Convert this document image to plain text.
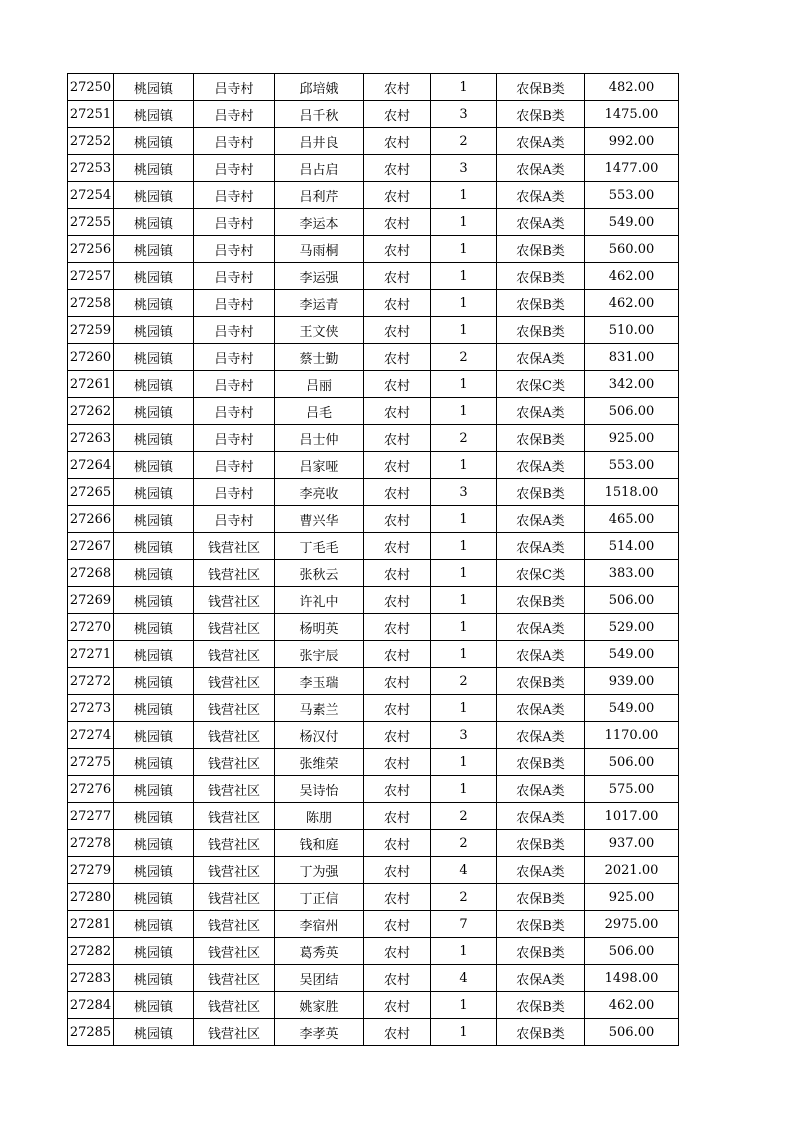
27250	桃园镇	吕寺村	邱培娥	农村	1	农保B类	482.00
27251	桃园镇	吕寺村	吕千秋	农村	3	农保B类	1475.00
27252	桃园镇	吕寺村	吕井良	农村	2	农保A类	992.00
27253	桃园镇	吕寺村	吕占启	农村	3	农保A类	1477.00
27254	桃园镇	吕寺村	吕利芹	农村	1	农保A类	553.00
27255	桃园镇	吕寺村	李运本	农村	1	农保A类	549.00
27256	桃园镇	吕寺村	马雨桐	农村	1	农保B类	560.00
27257	桃园镇	吕寺村	李运强	农村	1	农保B类	462.00
27258	桃园镇	吕寺村	李运青	农村	1	农保B类	462.00
27259	桃园镇	吕寺村	王文侠	农村	1	农保B类	510.00
27260	桃园镇	吕寺村	蔡士勤	农村	2	农保A类	831.00
27261	桃园镇	吕寺村	吕丽	农村	1	农保C类	342.00
27262	桃园镇	吕寺村	吕毛	农村	1	农保A类	506.00
27263	桃园镇	吕寺村	吕士仲	农村	2	农保B类	925.00
27264	桃园镇	吕寺村	吕家哑	农村	1	农保A类	553.00
27265	桃园镇	吕寺村	李亮收	农村	3	农保B类	1518.00
27266	桃园镇	吕寺村	曹兴华	农村	1	农保A类	465.00
27267	桃园镇	钱营社区	丁毛毛	农村	1	农保A类	514.00
27268	桃园镇	钱营社区	张秋云	农村	1	农保C类	383.00
27269	桃园镇	钱营社区	许礼中	农村	1	农保B类	506.00
27270	桃园镇	钱营社区	杨明英	农村	1	农保A类	529.00
27271	桃园镇	钱营社区	张宇辰	农村	1	农保A类	549.00
27272	桃园镇	钱营社区	李玉瑞	农村	2	农保B类	939.00
27273	桃园镇	钱营社区	马素兰	农村	1	农保A类	549.00
27274	桃园镇	钱营社区	杨汉付	农村	3	农保A类	1170.00
27275	桃园镇	钱营社区	张维荣	农村	1	农保B类	506.00
27276	桃园镇	钱营社区	吴诗怡	农村	1	农保A类	575.00
27277	桃园镇	钱营社区	陈朋	农村	2	农保A类	1017.00
27278	桃园镇	钱营社区	钱和庭	农村	2	农保B类	937.00
27279	桃园镇	钱营社区	丁为强	农村	4	农保A类	2021.00
27280	桃园镇	钱营社区	丁正信	农村	2	农保B类	925.00
27281	桃园镇	钱营社区	李宿州	农村	7	农保B类	2975.00
27282	桃园镇	钱营社区	葛秀英	农村	1	农保B类	506.00
27283	桃园镇	钱营社区	吴团结	农村	4	农保A类	1498.00
27284	桃园镇	钱营社区	姚家胜	农村	1	农保B类	462.00
27285	桃园镇	钱营社区	李孝英	农村	1	农保B类	506.00
